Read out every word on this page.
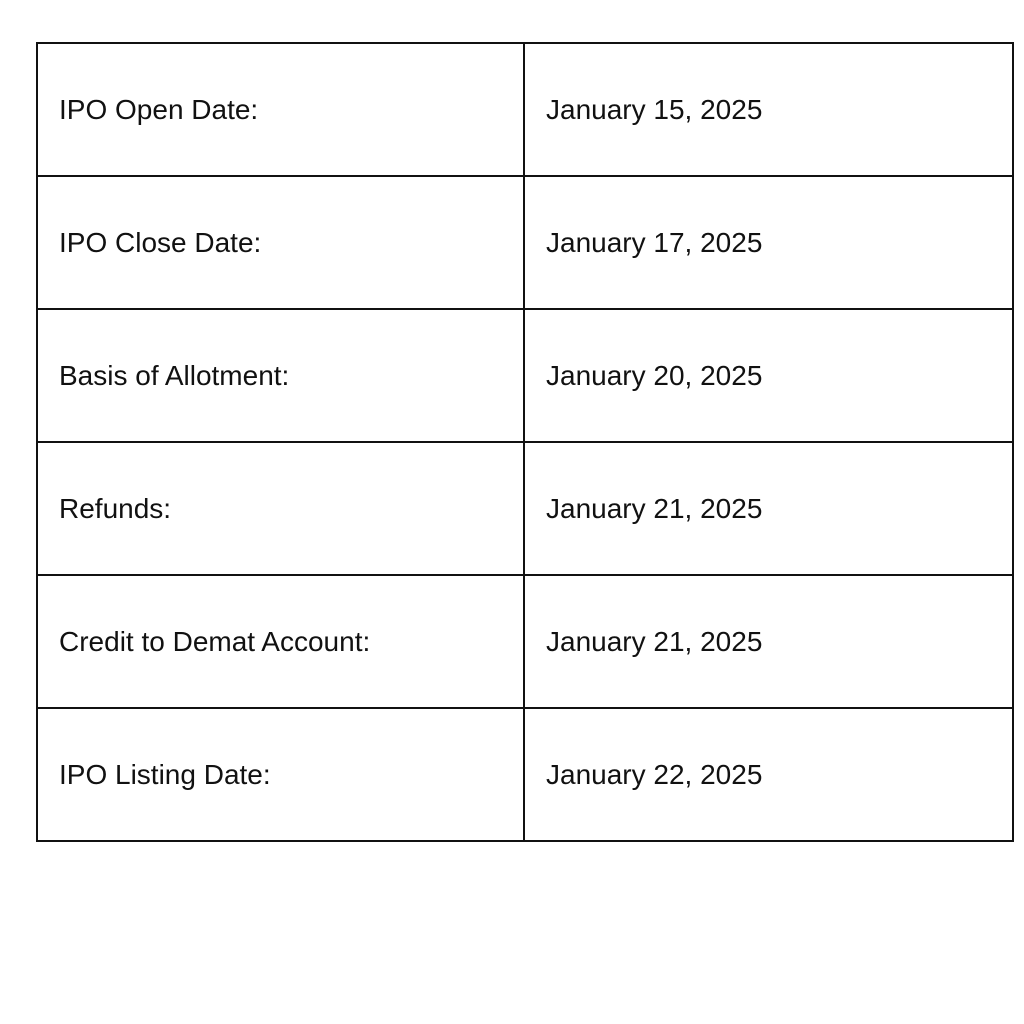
IPO Open Date:	January 15, 2025
IPO Close Date:	January 17, 2025
Basis of Allotment:	January 20, 2025
Refunds:	January 21, 2025
Credit to Demat Account:	January 21, 2025
IPO Listing Date:	January 22, 2025
